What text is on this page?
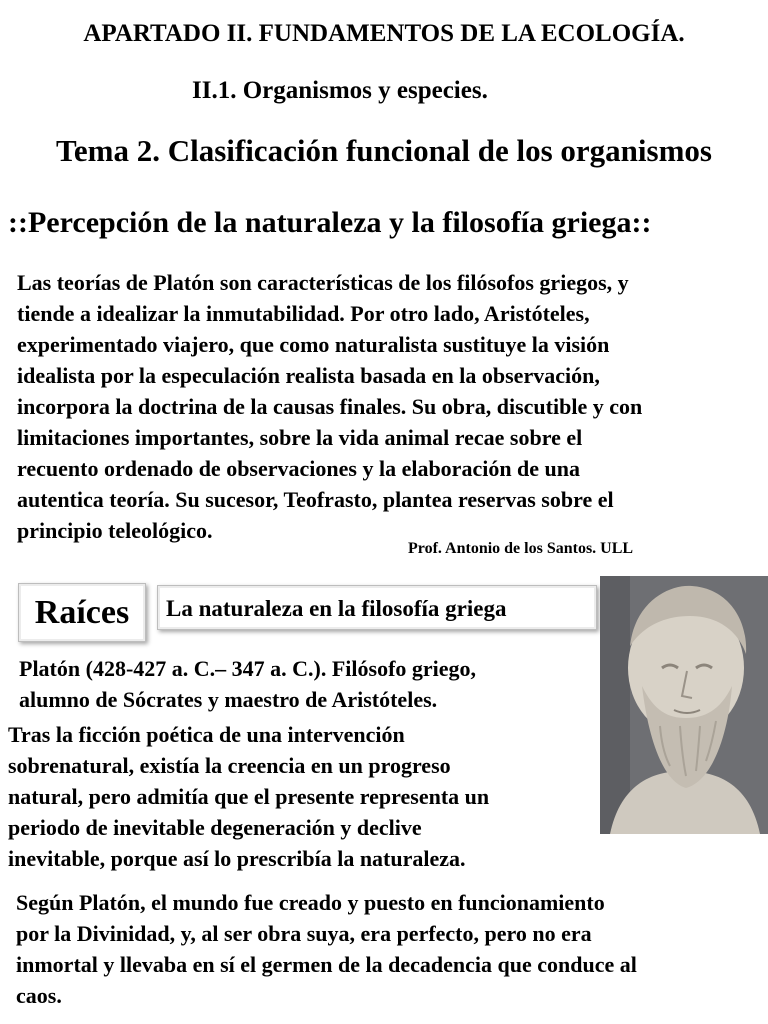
APARTADO II. FUNDAMENTOS DE LA ECOLOGÍA.
II.1. Organismos y especies.
Tema 2. Clasificación funcional de los organismos
::Percepción de la naturaleza y la filosofía griega::
Las teorías de Platón son características de los filósofos griegos, y
tiende a idealizar la inmutabilidad. Por otro lado, Aristóteles,
experimentado viajero, que como naturalista sustituye la visión
idealista por la especulación realista basada en la observación,
incorpora la doctrina de la causas finales. Su obra, discutible y con
limitaciones importantes, sobre la vida animal recae sobre el
recuento ordenado de observaciones y la elaboración de una
autentica teoría. Su sucesor, Teofrasto, plantea reservas sobre el
principio teleológico.
Prof. Antonio de los Santos. ULL
Raíces	La naturaleza en la filosofía griega
Platón (428-427 a. C.– 347 a. C.). Filósofo griego,
alumno de Sócrates y maestro de Aristóteles.
Tras la ficción poética de una intervención
sobrenatural, existía la creencia en un progreso
natural, pero admitía que el presente representa un
periodo de inevitable degeneración y declive
inevitable, porque así lo prescribía la naturaleza.
Según Platón, el mundo fue creado y puesto en funcionamiento
por la Divinidad, y, al ser obra suya, era perfecto, pero no era
inmortal y llevaba en sí el germen de la decadencia que conduce al
caos.
